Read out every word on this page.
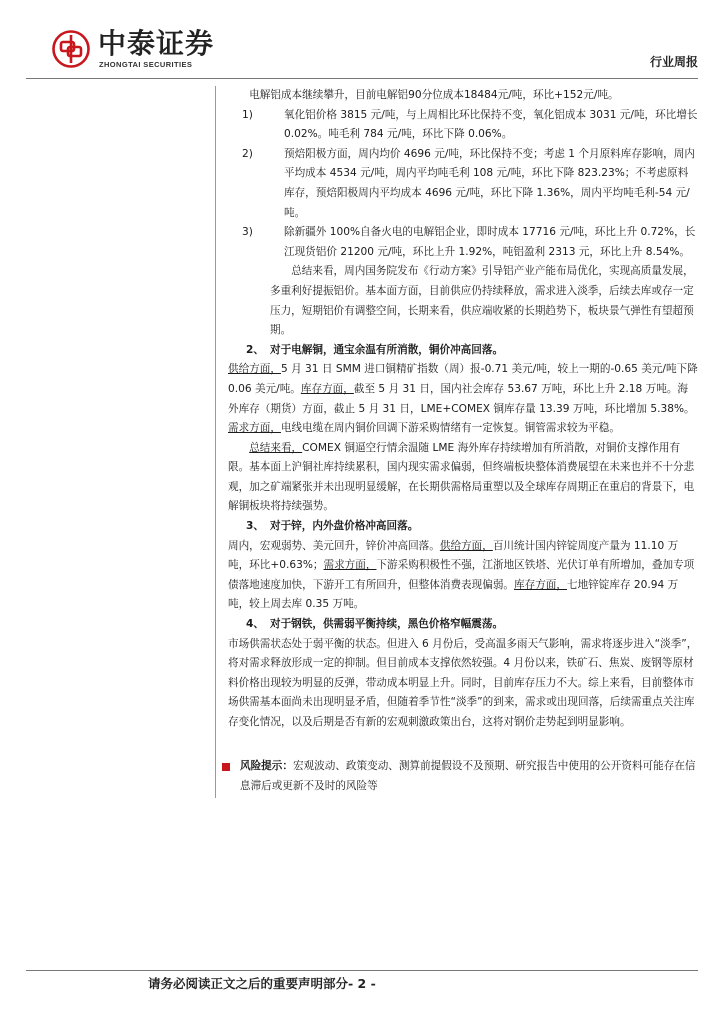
中泰证券
ZHONGTAI SECURITIES	行业周报

电解铝成本继续攀升，目前电解铝90分位成本18484元/吨，环比+152元/吨。

1)	氧化铝价格 3815 元/吨，与上周相比环比保持不变，氧化铝成本 3031 元/吨，环比增长 0.02%。吨毛利 784 元/吨，环比下降 0.06%。
2)	预焙阳极方面，周内均价 4696 元/吨，环比保持不变；考虑 1 个月原料库存影响，周内平均成本 4534 元/吨，周内平均吨毛利 108 元/吨，环比下降 823.23%；不考虑原料库存，预焙阳极周内平均成本 4696 元/吨，环比下降 1.36%，周内平均吨毛利-54 元/吨。
3)	除新疆外 100%自备火电的电解铝企业，即时成本 17716 元/吨，环比上升 0.72%，长江现货铝价 21200 元/吨，环比上升 1.92%，吨铝盈利 2313 元，环比上升 8.54%。

总结来看，周内国务院发布《行动方案》引导铝产业产能布局优化，实现高质量发展，多重利好提振铝价。基本面方面，目前供应仍持续释放，需求进入淡季，后续去库或存一定压力，短期铝价有调整空间，长期来看，供应端收紧的长期趋势下，板块景气弹性有望超预期。

2、 对于电解铜，通宝余温有所消散，铜价冲高回落。

供给方面，5 月 31 日 SMM 进口铜精矿指数（周）报-0.71 美元/吨，较上一期的-0.65 美元/吨下降 0.06 美元/吨。库存方面，截至 5 月 31 日，国内社会库存 53.67 万吨，环比上升 2.18 万吨。海外库存（期货）方面，截止 5 月 31 日，LME+COMEX 铜库存量 13.39 万吨，环比增加 5.38%。需求方面，电线电缆在周内铜价回调下游采购情绪有一定恢复。铜管需求较为平稳。

总结来看，COMEX 铜逼空行情余温随 LME 海外库存持续增加有所消散，对铜价支撑作用有限。基本面上沪铜社库持续累积，国内现实需求偏弱，但终端板块整体消费展望在未来也并不十分悲观，加之矿端紧张并未出现明显缓解，在长期供需格局重塑以及全球库存周期正在重启的背景下，电解铜板块将持续强势。

3、 对于锌，内外盘价格冲高回落。

周内，宏观弱势、美元回升，锌价冲高回落。供给方面，百川统计国内锌锭周度产量为 11.10 万吨，环比+0.63%；需求方面，下游采购积极性不强，江浙地区铁塔、光伏订单有所增加，叠加专项债落地速度加快，下游开工有所回升，但整体消费表现偏弱。库存方面，七地锌锭库存 20.94 万吨，较上周去库 0.35 万吨。

4、 对于钢铁，供需弱平衡持续，黑色价格窄幅震荡。

市场供需状态处于弱平衡的状态。但进入 6 月份后，受高温多雨天气影响，需求将逐步进入“淡季”，将对需求释放形成一定的抑制。但目前成本支撑依然较强。4 月份以来，铁矿石、焦炭、废钢等原材料价格出现较为明显的反弹，带动成本明显上升。同时，目前库存压力不大。综上来看，目前整体市场供需基本面尚未出现明显矛盾，但随着季节性“淡季”的到来，需求或出现回落，后续需重点关注库存变化情况，以及后期是否有新的宏观刺激政策出台，这将对钢价走势起到明显影响。

风险提示：宏观波动、政策变动、测算前提假设不及预期、研究报告中使用的公开资料可能存在信息滞后或更新不及时的风险等
请务必阅读正文之后的重要声明部分- 2 -
